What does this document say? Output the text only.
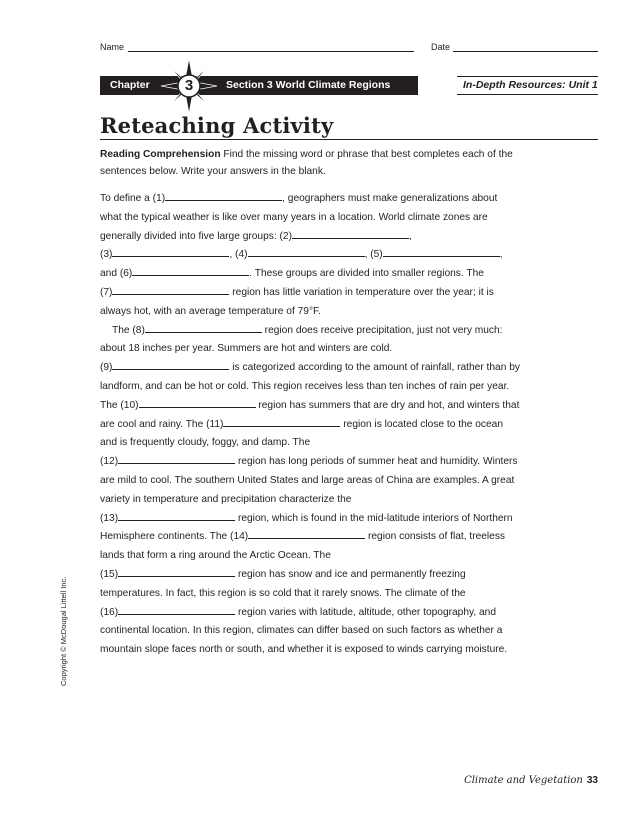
Name	Date
Chapter	Section 3 World Climate Regions
3	In-Depth Resources: Unit 1
Reteaching Activity

Reading Comprehension Find the missing word or phrase that best completes each of the sentences below. Write your answers in the blank.

To define a (1)	, geographers must make generalizations about what the typical weather is like over many years in a location. World climate zones are generally divided into five large groups: (2)	,
(3)	, (4)	, (5)	,
and (6)	. These groups are divided into smaller regions. The
(7)	region has little variation in temperature over the year; it is always hot, with an average temperature of 79°F.
The (8)	region does receive precipitation, just not very much: about 18 inches per year. Summers are hot and winters are cold.
(9)	is categorized according to the amount of rainfall, rather than by landform, and can be hot or cold. This region receives less than ten inches of rain per year. The (10)	region has summers that are dry and hot, and winters that are cool and rainy. The (11)	region is located close to the ocean and is frequently cloudy, foggy, and damp. The
(12)	region has long periods of summer heat and humidity. Winters are mild to cool. The southern United States and large areas of China are examples. A great variety in temperature and precipitation characterize the
(13)	region, which is found in the mid-latitude interiors of Northern Hemisphere continents. The (14)	region consists of flat, treeless lands that form a ring around the Arctic Ocean. The
(15)	region has snow and ice and permanently freezing temperatures. In fact, this region is so cold that it rarely snows. The climate of the
(16)	region varies with latitude, altitude, other topography, and continental location. In this region, climates can differ based on such factors as whether a mountain slope faces north or south, and whether it is exposed to winds carrying moisture.
Copyright © McDougal Littell Inc.
Climate and Vegetation 33
